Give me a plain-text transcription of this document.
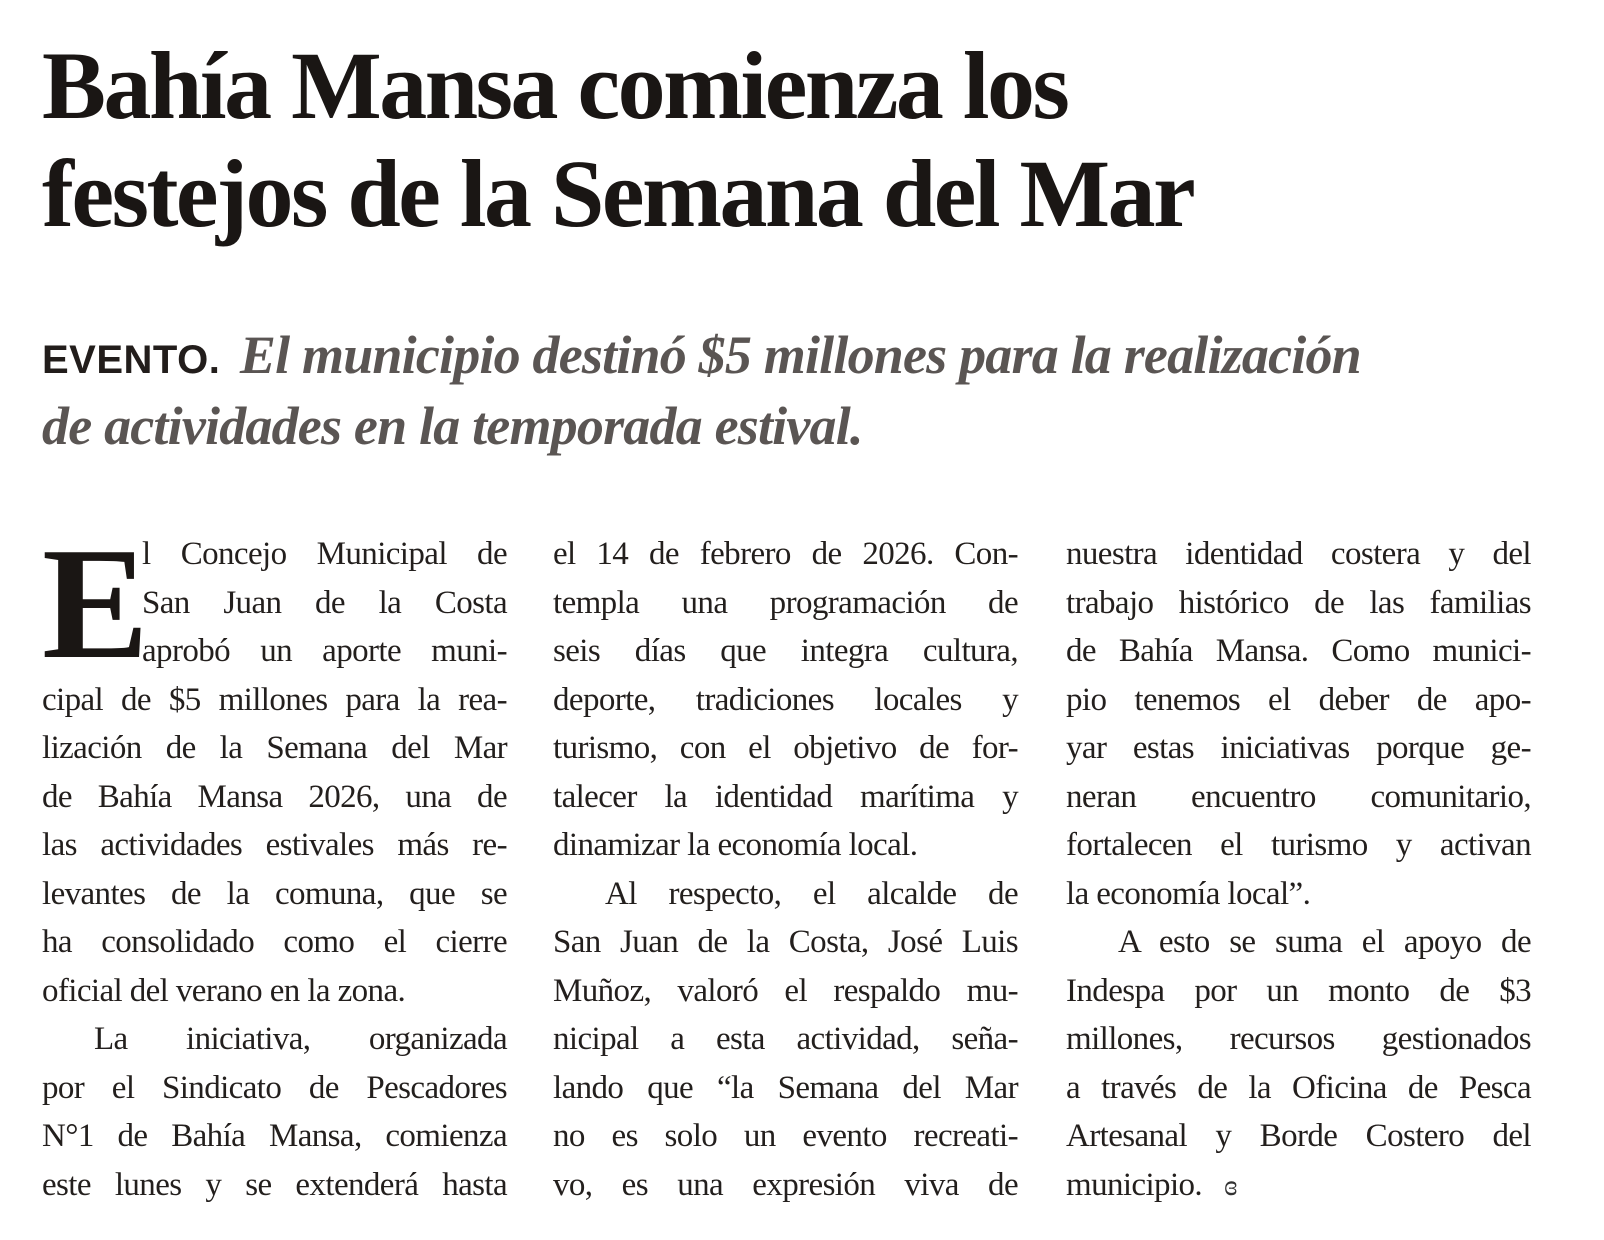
Bahía Mansa comienza los
festejos de la Semana del Mar

EVENTO. El municipio destinó $5 millones para la realización
de actividades en la temporada estival.

E
l Concejo Municipal de
San Juan de la Costa
aprobó un aporte muni-
cipal de $5 millones para la rea-
lización de la Semana del Mar
de Bahía Mansa 2026, una de
las actividades estivales más re-
levantes de la comuna, que se
ha consolidado como el cierre
oficial del verano en la zona.
La iniciativa, organizada
por el Sindicato de Pescadores
N°1 de Bahía Mansa, comienza
este lunes y se extenderá hasta
el 14 de febrero de 2026. Con-
templa una programación de
seis días que integra cultura,
deporte, tradiciones locales y
turismo, con el objetivo de for-
talecer la identidad marítima y
dinamizar la economía local.
Al respecto, el alcalde de
San Juan de la Costa, José Luis
Muñoz, valoró el respaldo mu-
nicipal a esta actividad, seña-
lando que “la Semana del Mar
no es solo un evento recreati-
vo, es una expresión viva de
nuestra identidad costera y del
trabajo histórico de las familias
de Bahía Mansa. Como munici-
pio tenemos el deber de apo-
yar estas iniciativas porque ge-
neran encuentro comunitario,
fortalecen el turismo y activan
la economía local”.
A esto se suma el apoyo de
Indespa por un monto de $3
millones, recursos gestionados
a través de la Oficina de Pesca
Artesanal y Borde Costero del
municipio. ɞ
